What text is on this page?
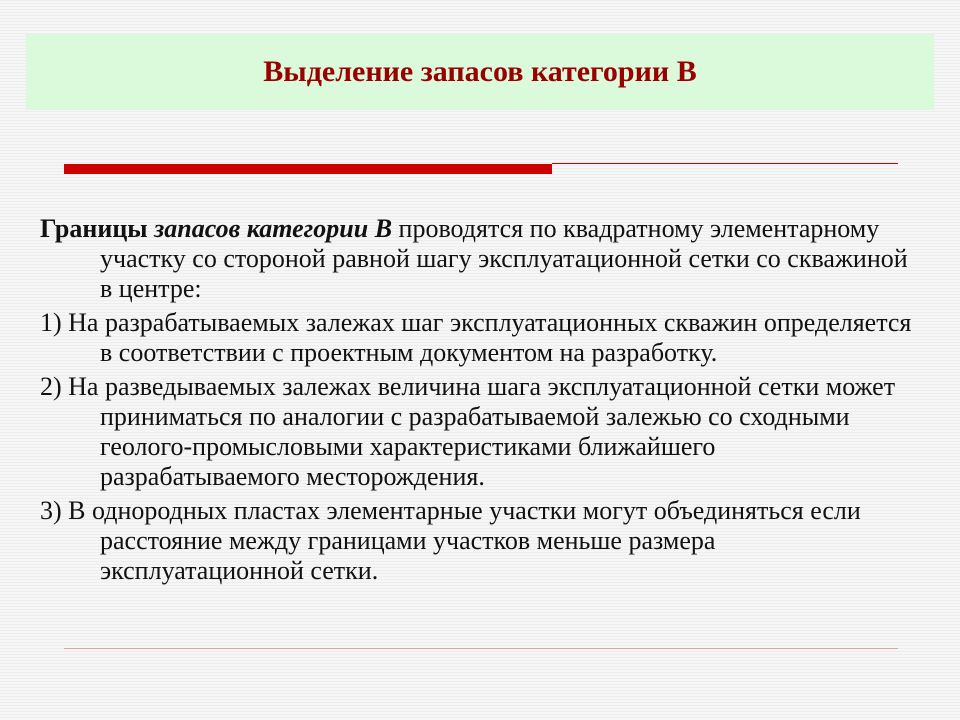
Выделение запасов категории В

Границы запасов категории В проводятся по квадратному элементарному участку со стороной равной шагу эксплуатационной сетки со скважиной в центре:

1) На разрабатываемых залежах шаг эксплуатационных скважин определяется в соответствии с проектным документом на разработку.

2) На разведываемых залежах величина шага эксплуатационной сетки может приниматься по аналогии с разрабатываемой залежью со сходными геолого-промысловыми характеристиками ближайшего разрабатываемого месторождения.

3) В однородных пластах элементарные участки могут объединяться если расстояние между границами участков меньше размера эксплуатационной сетки.
